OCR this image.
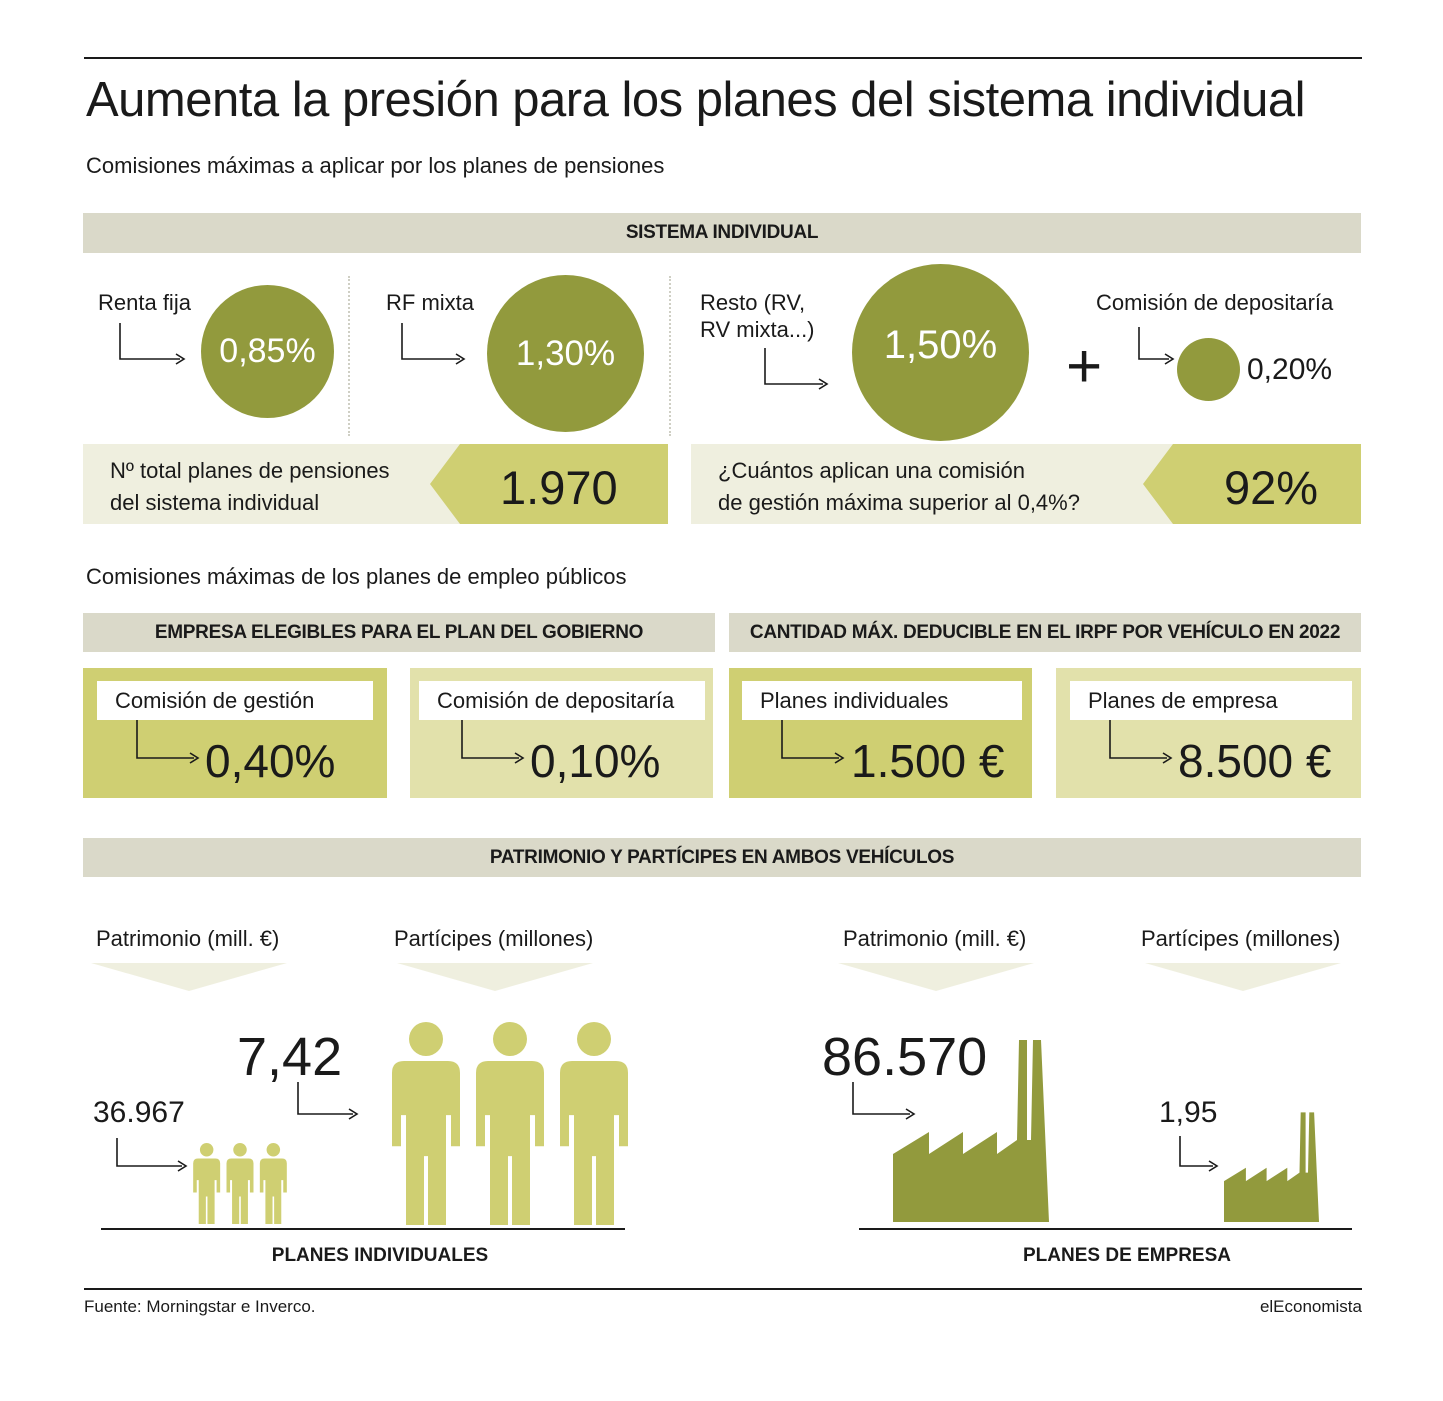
Aumenta la presión para los planes del sistema individual
Comisiones máximas a aplicar por los planes de pensiones
SISTEMA INDIVIDUAL
Renta fija
0,85%
RF mixta
1,30%
Resto (RV,
RV mixta...) 1,50% +
Comisión de depositaría
0,20%
Nº total planes de pensiones
del sistema individual	1.970	¿Cuántos aplican una comisión
de gestión máxima superior al 0,4%?	92%
Comisiones máximas de los planes de empleo públicos
EMPRESA ELEGIBLES PARA EL PLAN DEL GOBIERNO	CANTIDAD MÁX. DEDUCIBLE EN EL IRPF POR VEHÍCULO EN 2022
Comisión de gestión
0,40%
Comisión de depositaría
0,10%
Planes individuales
1.500 €
Planes de empresa
8.500 €
PATRIMONIO Y PARTÍCIPES EN AMBOS VEHÍCULOS
Patrimonio (mill. €)	Partícipes (millones)	Patrimonio (mill. €)	Partícipes (millones)
36.967
7,42	86.570
1,95
PLANES INDIVIDUALES	PLANES DE EMPRESA
Fuente: Morningstar e Inverco.	elEconomista
